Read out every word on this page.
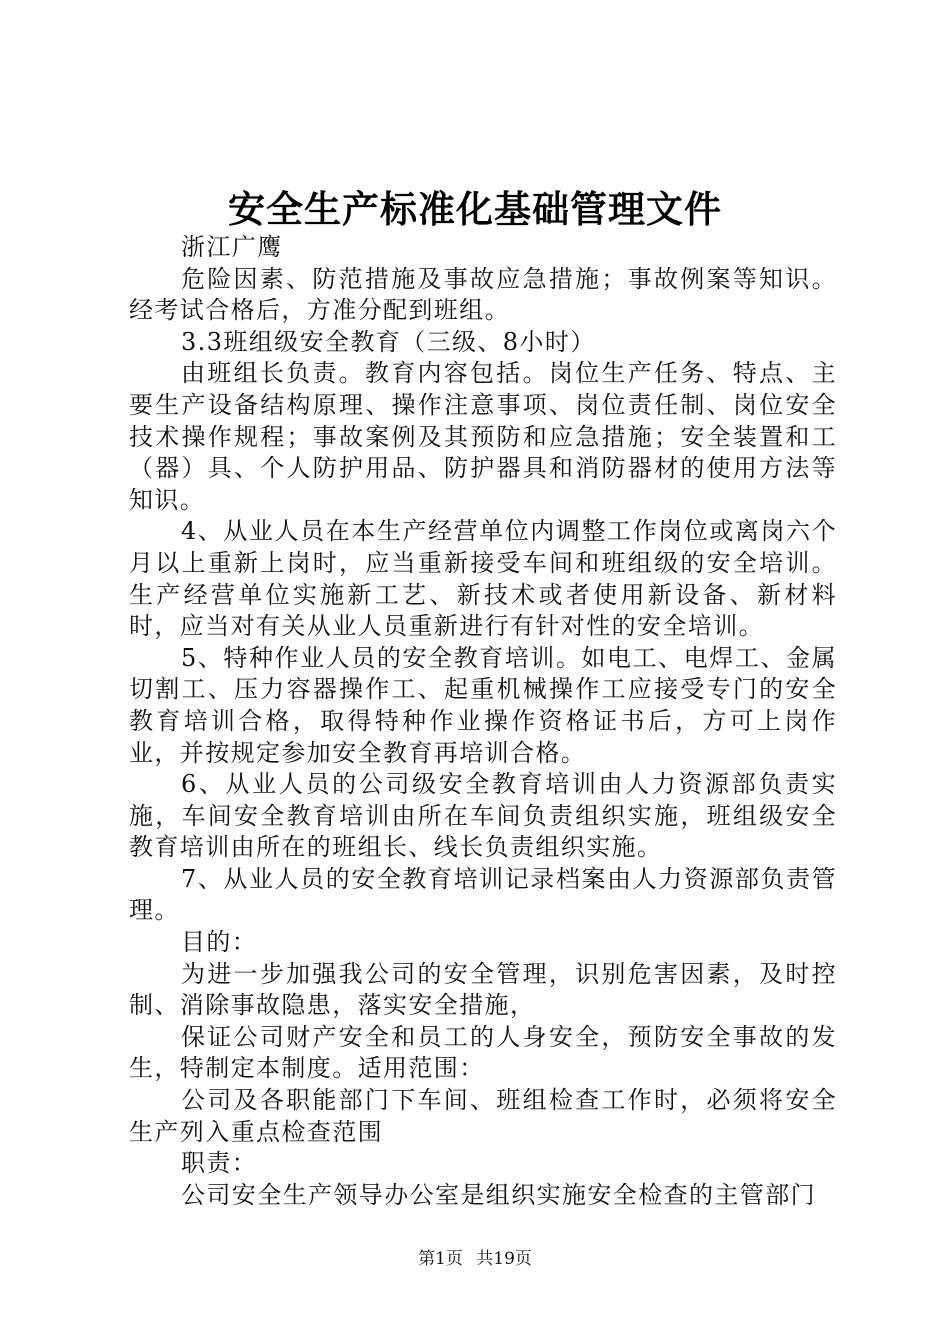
安全生产标准化基础管理文件

浙江广鹰

危险因素、防范措施及事故应急措施；事故例案等知识。经考试合格后，方准分配到班组。

3.3班组级安全教育（三级、8小时）

由班组长负责。教育内容包括。岗位生产任务、特点、主要生产设备结构原理、操作注意事项、岗位责任制、岗位安全技术操作规程；事故案例及其预防和应急措施；安全装置和工（器）具、个人防护用品、防护器具和消防器材的使用方法等知识。

4、从业人员在本生产经营单位内调整工作岗位或离岗六个月以上重新上岗时，应当重新接受车间和班组级的安全培训。生产经营单位实施新工艺、新技术或者使用新设备、新材料时，应当对有关从业人员重新进行有针对性的安全培训。

5、特种作业人员的安全教育培训。如电工、电焊工、金属切割工、压力容器操作工、起重机械操作工应接受专门的安全教育培训合格，取得特种作业操作资格证书后，方可上岗作业，并按规定参加安全教育再培训合格。

6、从业人员的公司级安全教育培训由人力资源部负责实施，车间安全教育培训由所在车间负责组织实施，班组级安全教育培训由所在的班组长、线长负责组织实施。

7、从业人员的安全教育培训记录档案由人力资源部负责管理。

目的：

为进一步加强我公司的安全管理，识别危害因素，及时控制、消除事故隐患，落实安全措施，

保证公司财产安全和员工的人身安全，预防安全事故的发生，特制定本制度。适用范围：

公司及各职能部门下车间、班组检查工作时，必须将安全生产列入重点检查范围

职责：

公司安全生产领导办公室是组织实施安全检查的主管部门

第1页 共19页
